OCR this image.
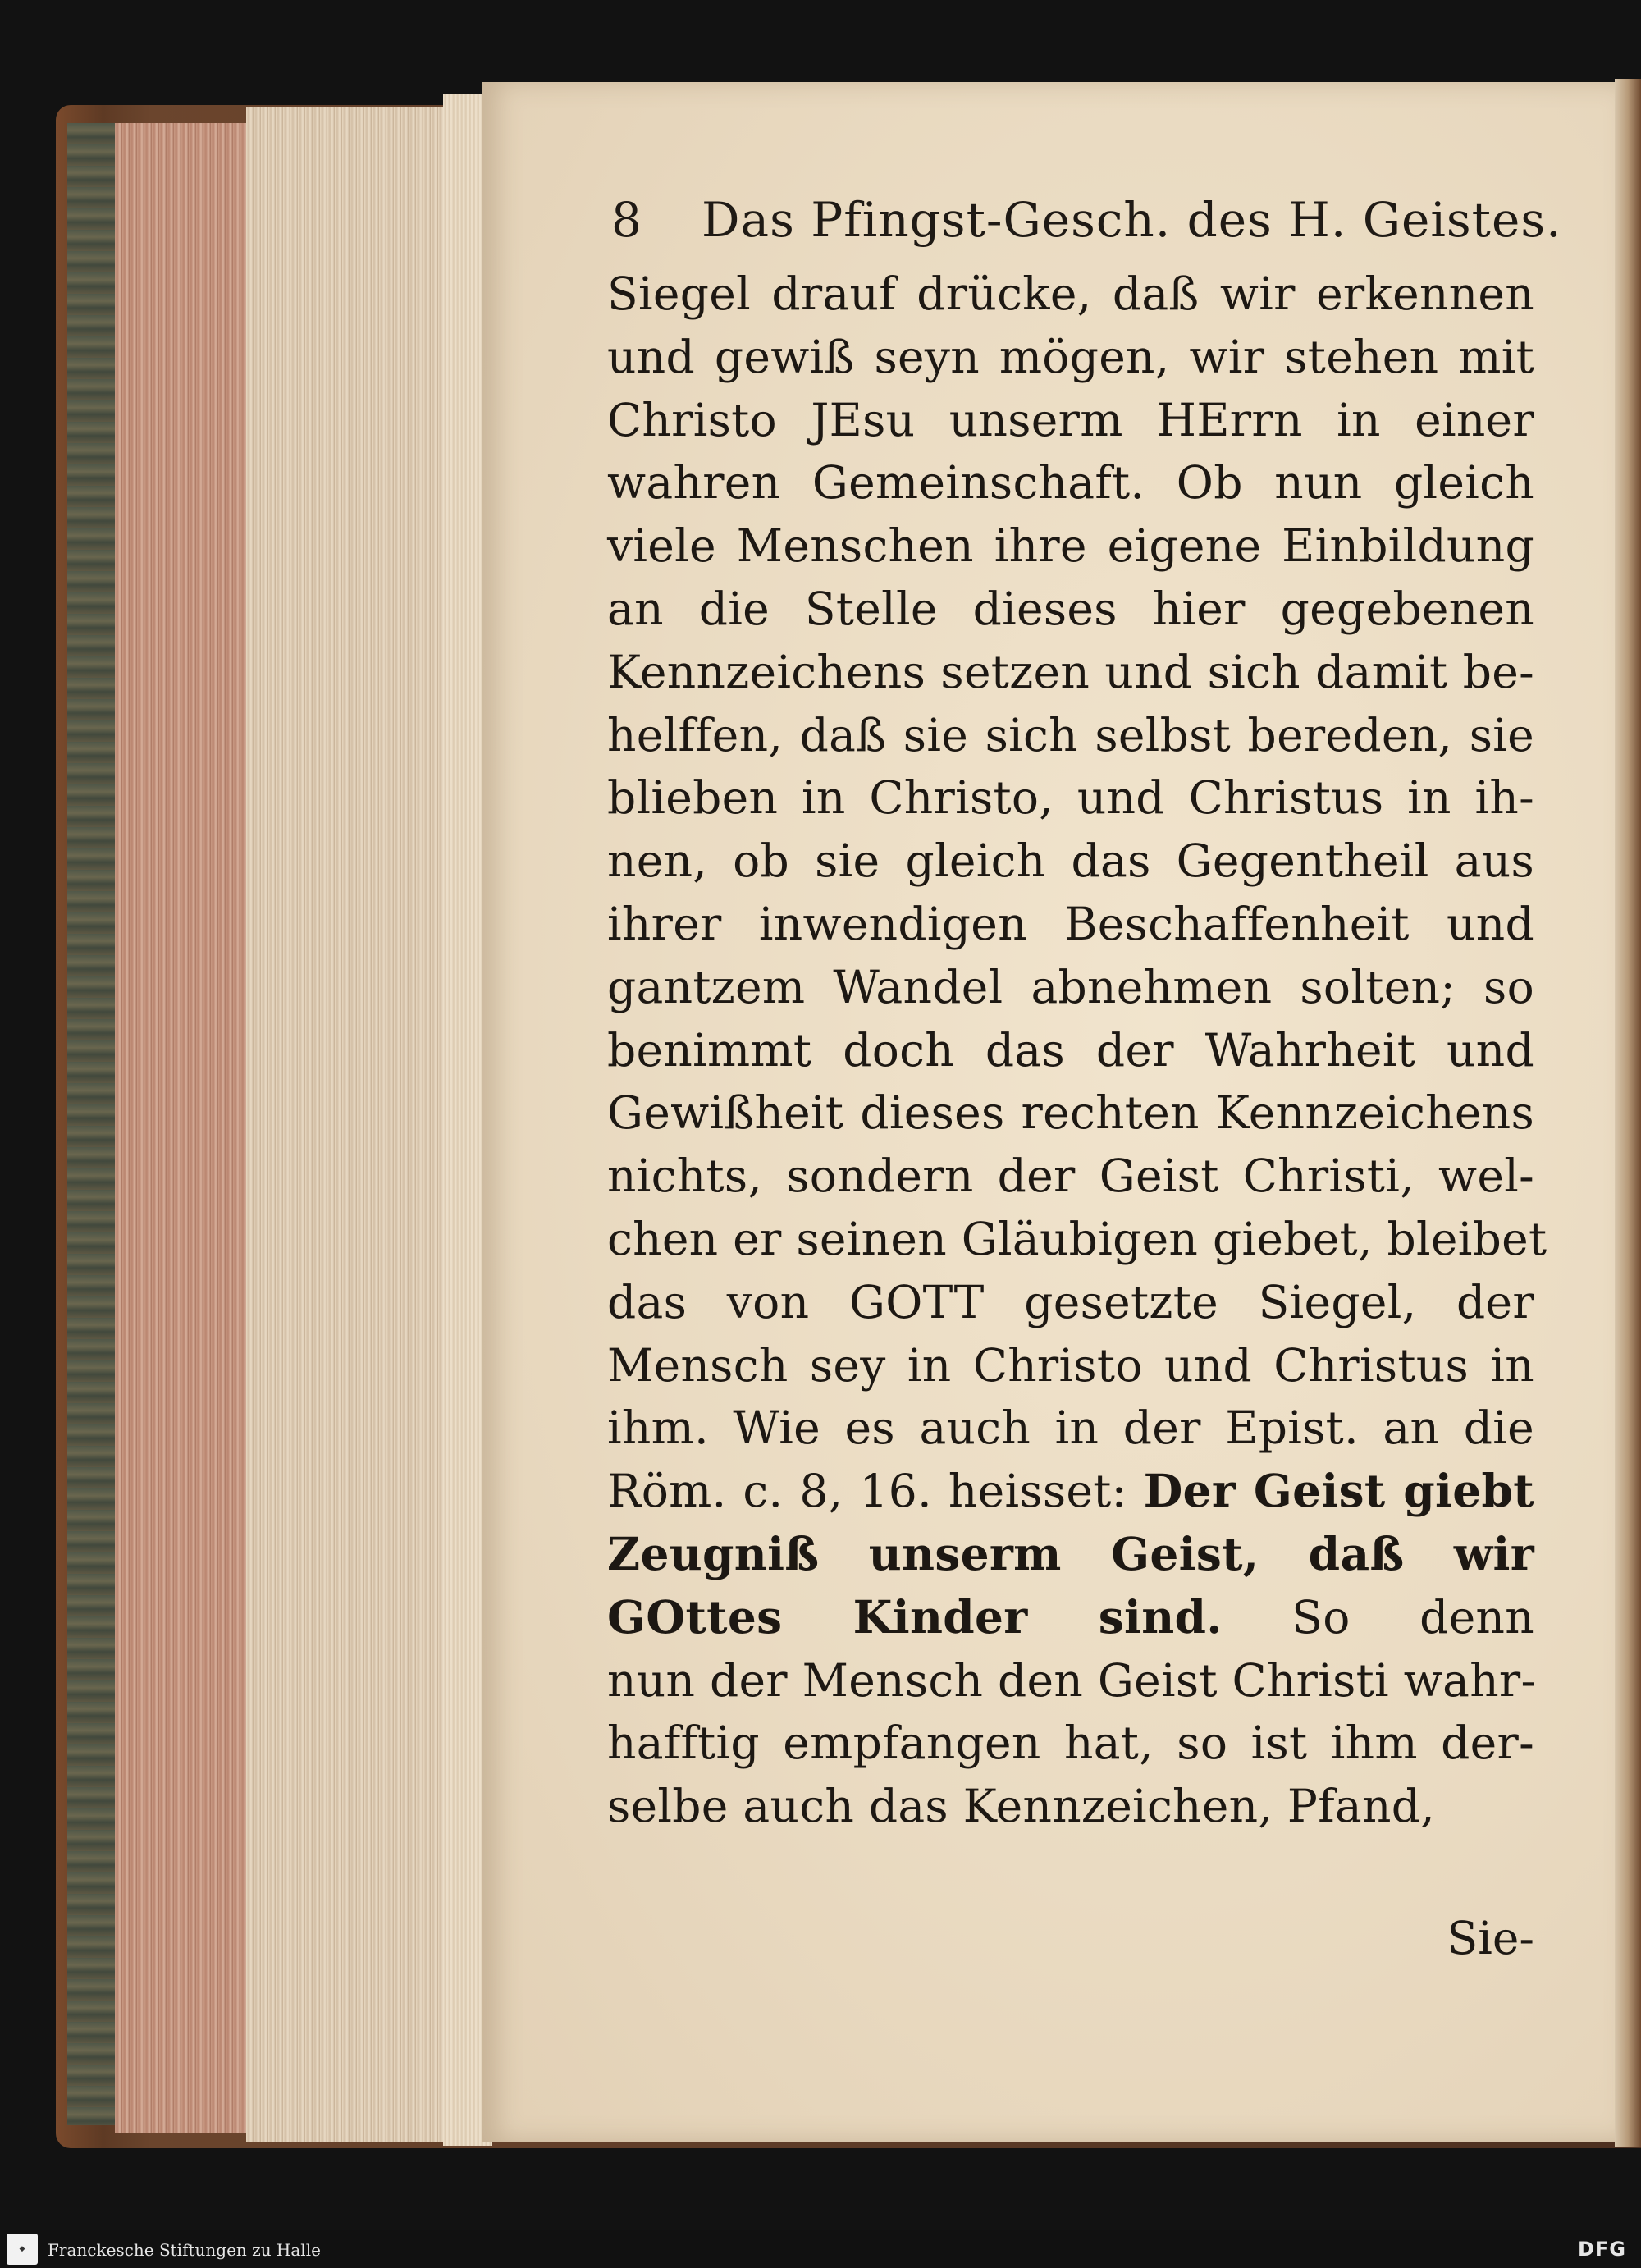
8 Das Pfingst-Gesch. des H. Geistes.
Siegel drauf drücke, daß wir erkennen
und gewiß seyn mögen, wir stehen mit
Christo JEsu unserm HErrn in einer
wahren Gemeinschaft. Ob nun gleich
viele Menschen ihre eigene Einbildung
an die Stelle dieses hier gegebenen
Kennzeichens setzen und sich damit be-
helffen, daß sie sich selbst bereden, sie
blieben in Christo, und Christus in ih-
nen, ob sie gleich das Gegentheil aus
ihrer inwendigen Beschaffenheit und
gantzem Wandel abnehmen solten; so
benimmt doch das der Wahrheit und
Gewißheit dieses rechten Kennzeichens
nichts, sondern der Geist Christi, wel-
chen er seinen Gläubigen giebet, bleibet
das von GOTT gesetzte Siegel, der
Mensch sey in Christo und Christus in
ihm. Wie es auch in der Epist. an die
Röm. c. 8, 16. heisset: Der Geist giebt
Zeugniß unserm Geist, daß wir
GOttes Kinder sind. So denn
nun der Mensch den Geist Christi wahr-
hafftig empfangen hat, so ist ihm der-
selbe auch das Kennzeichen, Pfand,
Sie-
◆	Franckesche Stiftungen zu Halle	DFG
